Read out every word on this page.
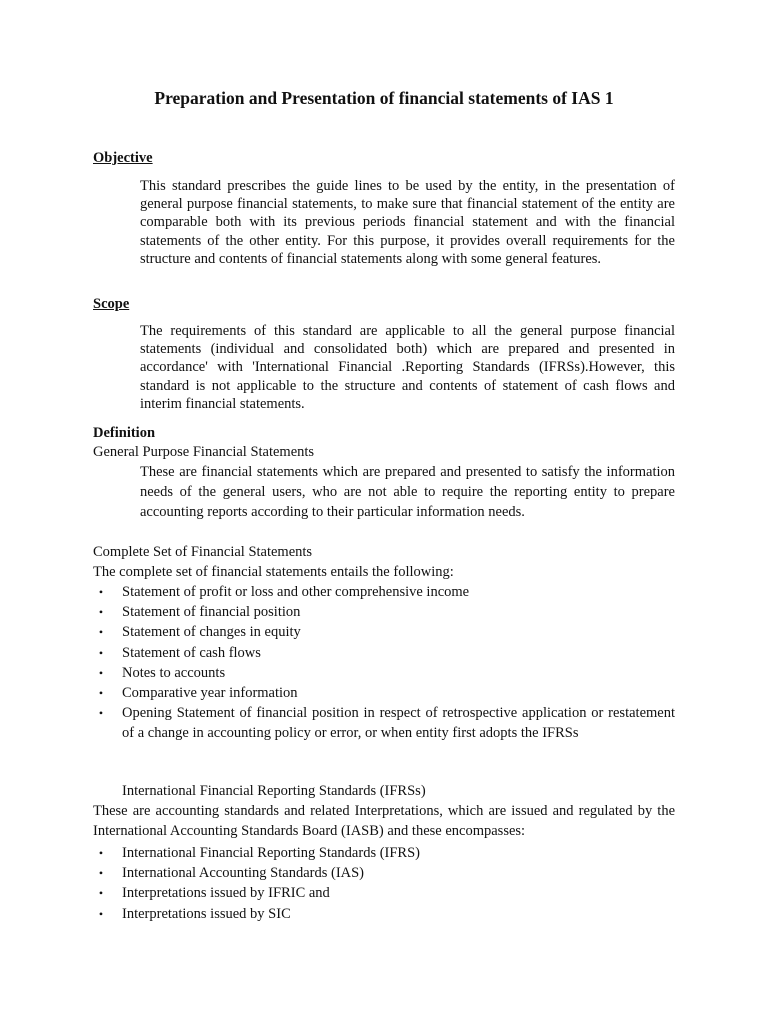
Preparation and Presentation of financial statements of IAS 1
Objective
This standard prescribes the guide lines to be used by the entity, in the presentation of general purpose financial statements, to make sure that financial statement of the entity are comparable both with its previous periods financial statement and with the financial statements of the other entity. For this purpose, it provides overall requirements for the structure and contents of financial statements along with some general features.
Scope
The requirements of this standard are applicable to all the general purpose financial statements (individual and consolidated both) which are prepared and presented in accordance' with 'International Financial .Reporting Standards (IFRSs).However, this standard is not applicable to the structure and contents of statement of cash flows and interim financial statements.
Definition
General Purpose Financial Statements
These are financial statements which are prepared and presented to satisfy the information needs of the general users, who are not able to require the reporting entity to prepare accounting reports according to their particular information needs.
Complete Set of Financial Statements
The complete set of financial statements entails the following:
• Statement of profit or loss and other comprehensive income
• Statement of financial position
• Statement of changes in equity
• Statement of cash flows
• Notes to accounts
• Comparative year information
• Opening Statement of financial position in respect of retrospective application or restatement of a change in accounting policy or error, or when entity first adopts the IFRSs
International Financial Reporting Standards (IFRSs)
These are accounting standards and related Interpretations, which are issued and regulated by the International Accounting Standards Board (IASB) and these encompasses:
• International Financial Reporting Standards (IFRS)
• International Accounting Standards (IAS)
• Interpretations issued by IFRIC and
• Interpretations issued by SIC
